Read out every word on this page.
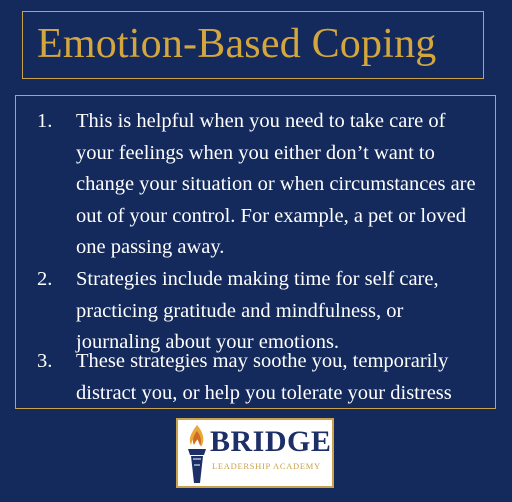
Emotion-Based Coping
1. This is helpful when you need to take care of your feelings when you either don’t want to change your situation or when circumstances are out of your control. For example, a pet or loved one passing away.
2. Strategies include making time for self care, practicing gratitude and mindfulness, or journaling about your emotions.
3. These strategies may soothe you, temporarily distract you, or help you tolerate your distress
BRIDGE
LEADERSHIP ACADEMY
